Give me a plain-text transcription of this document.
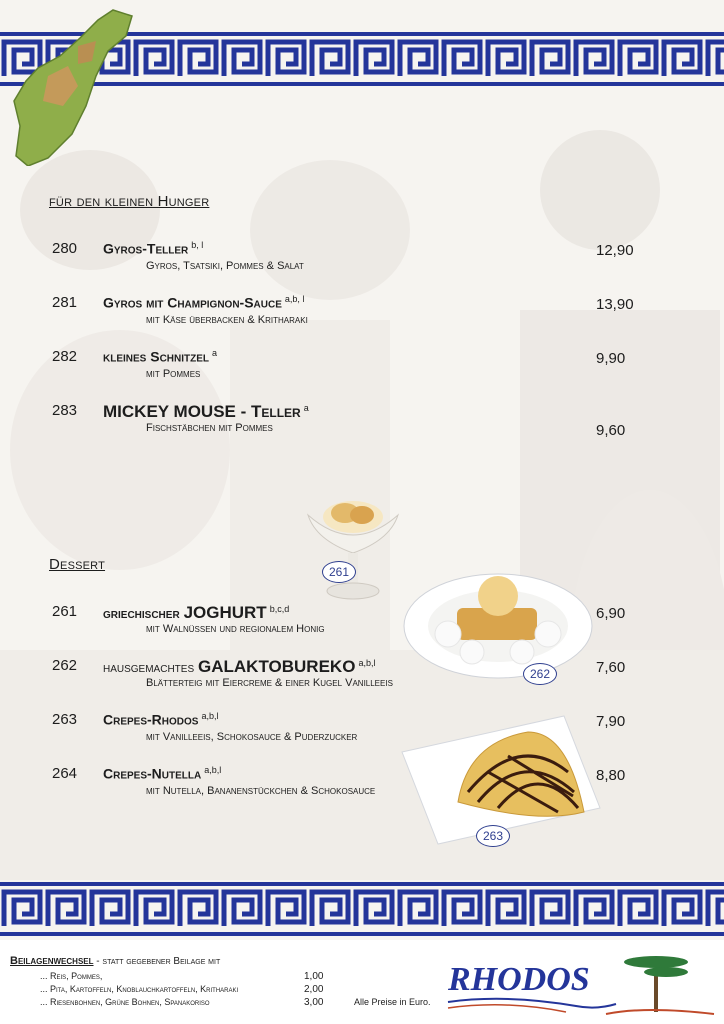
für den kleinen Hunger
280 Gyros-Teller $^{b, l}$
Gyros, Tsatsiki, Pommes & Salat
12,90
281 Gyros mit Champignon-Sauce $^{a,b, l}$
mit Käse überbacken & Kritharaki
13,90
282 kleines Schnitzel $^a$
mit Pommes
9,90
283 MICKEY MOUSE - Teller $^a$
Fischstäbchen mit Pommes	9,60
261
262
263
Dessert
261 griechischer JOGHURT $^{b,c,d}$
mit Walnüssen und regionalem Honig
6,90
262 hausgemachtes GALAKTOBUREKO $^{a,b,l}$
Blätterteig mit Eiercreme & einer Kugel Vanilleeis
7,60
263 Crepes-Rhodos $^{a,b,l}$
mit Vanilleeis, Schokosauce & Puderzucker
7,90
264 Crepes-Nutella $^{a,b,l}$
mit Nutella, Bananenstückchen & Schokosauce
8,80
Beilagenwechsel - statt gegebener Beilage mit
... Reis, Pommes,	1,00
... Pita, Kartoffeln, Knoblauchkartoffeln, Kritharaki	2,00
... Riesenbohnen, Grüne Bohnen, Spanakoriso	3,00	Alle Preise in Euro.
RHODOS
